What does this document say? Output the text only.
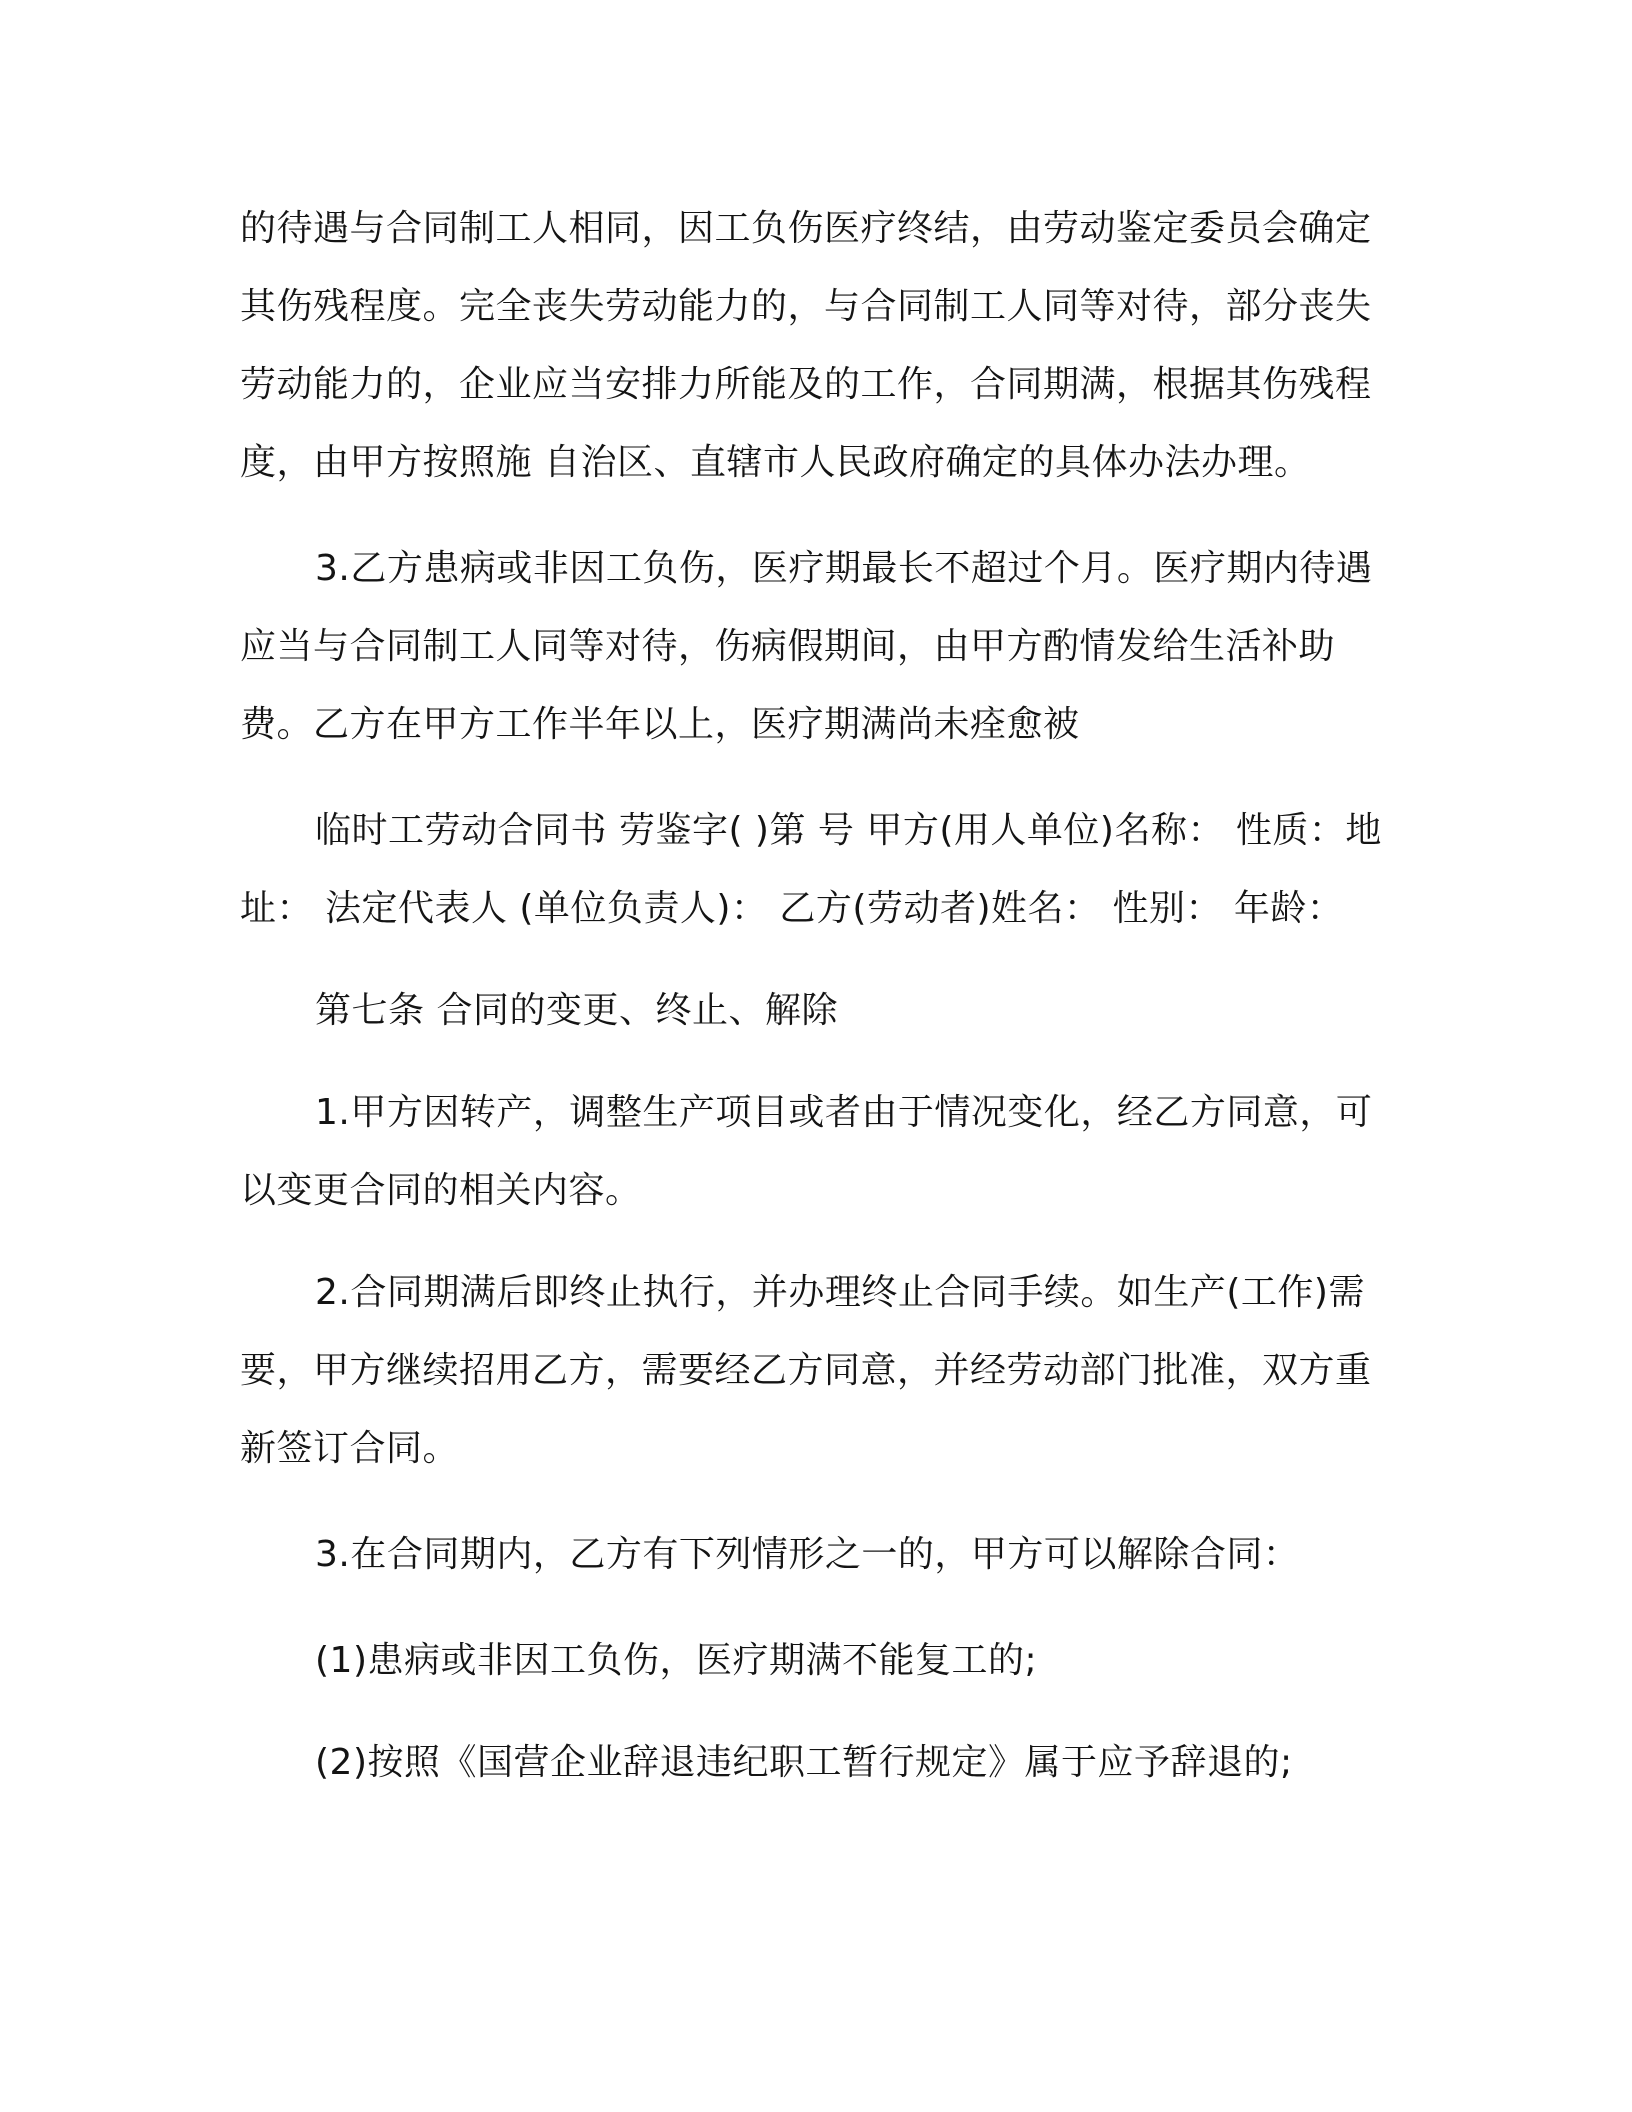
的待遇与合同制工人相同，因工负伤医疗终结，由劳动鉴定委员会确定其伤残程度。完全丧失劳动能力的，与合同制工人同等对待，部分丧失劳动能力的，企业应当安排力所能及的工作，合同期满，根据其伤残程度，由甲方按照施 自治区、直辖市人民政府确定的具体办法办理。

3.乙方患病或非因工负伤，医疗期最长不超过个月。医疗期内待遇应当与合同制工人同等对待，伤病假期间，由甲方酌情发给生活补助费。乙方在甲方工作半年以上，医疗期满尚未痊愈被

临时工劳动合同书 劳鉴字( )第 号 甲方(用人单位)名称： 性质：地址： 法定代表人 (单位负责人)： 乙方(劳动者)姓名： 性别： 年龄：

第七条 合同的变更、终止、解除

1.甲方因转产，调整生产项目或者由于情况变化，经乙方同意，可以变更合同的相关内容。

2.合同期满后即终止执行，并办理终止合同手续。如生产(工作)需要，甲方继续招用乙方，需要经乙方同意，并经劳动部门批准，双方重新签订合同。

3.在合同期内，乙方有下列情形之一的，甲方可以解除合同：

(1)患病或非因工负伤，医疗期满不能复工的;

(2)按照《国营企业辞退违纪职工暂行规定》属于应予辞退的;
